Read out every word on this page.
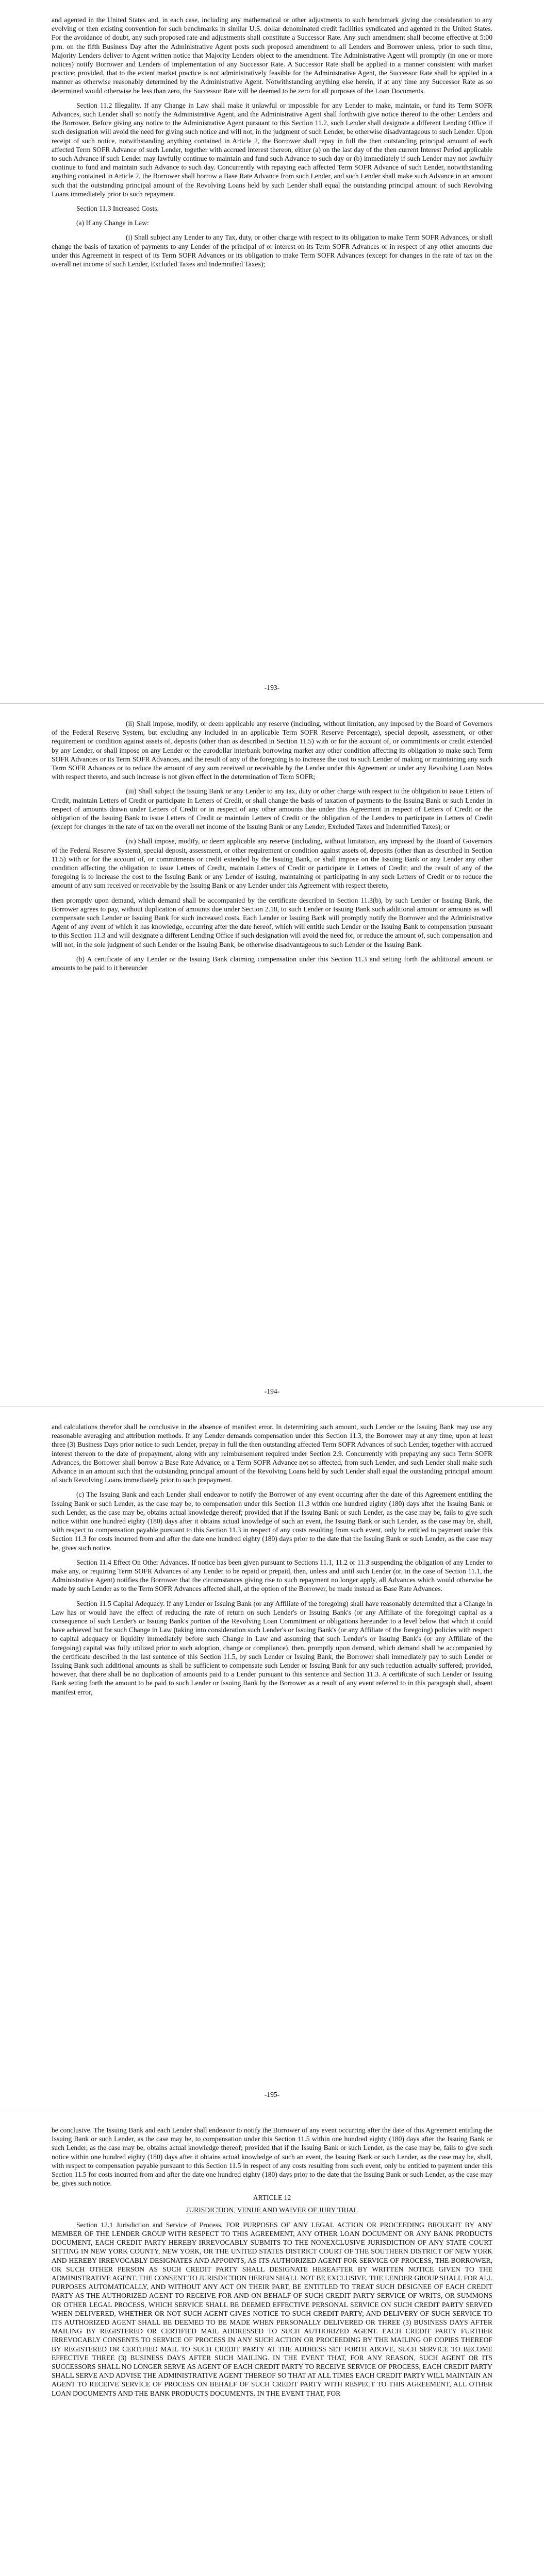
and agented in the United States and, in each case, including any mathematical or other adjustments to such benchmark giving due consideration to any evolving or then existing convention for such benchmarks in similar U.S. dollar denominated credit facilities syndicated and agented in the United States. For the avoidance of doubt, any such proposed rate and adjustments shall constitute a Successor Rate. Any such amendment shall become effective at 5:00 p.m. on the fifth Business Day after the Administrative Agent posts such proposed amendment to all Lenders and Borrower unless, prior to such time, Majority Lenders deliver to Agent written notice that Majority Lenders object to the amendment. The Administrative Agent will promptly (in one or more notices) notify Borrower and Lenders of implementation of any Successor Rate. A Successor Rate shall be applied in a manner consistent with market practice; provided, that to the extent market practice is not administratively feasible for the Administrative Agent, the Successor Rate shall be applied in a manner as otherwise reasonably determined by the Administrative Agent. Notwithstanding anything else herein, if at any time any Successor Rate as so determined would otherwise be less than zero, the Successor Rate will be deemed to be zero for all purposes of the Loan Documents.

Section 11.2 Illegality. If any Change in Law shall make it unlawful or impossible for any Lender to make, maintain, or fund its Term SOFR Advances, such Lender shall so notify the Administrative Agent, and the Administrative Agent shall forthwith give notice thereof to the other Lenders and the Borrower. Before giving any notice to the Administrative Agent pursuant to this Section 11.2, such Lender shall designate a different Lending Office if such designation will avoid the need for giving such notice and will not, in the judgment of such Lender, be otherwise disadvantageous to such Lender. Upon receipt of such notice, notwithstanding anything contained in Article 2, the Borrower shall repay in full the then outstanding principal amount of each affected Term SOFR Advance of such Lender, together with accrued interest thereon, either (a) on the last day of the then current Interest Period applicable to such Advance if such Lender may lawfully continue to maintain and fund such Advance to such day or (b) immediately if such Lender may not lawfully continue to fund and maintain such Advance to such day. Concurrently with repaying each affected Term SOFR Advance of such Lender, notwithstanding anything contained in Article 2, the Borrower shall borrow a Base Rate Advance from such Lender, and such Lender shall make such Advance in an amount such that the outstanding principal amount of the Revolving Loans held by such Lender shall equal the outstanding principal amount of such Revolving Loans immediately prior to such repayment.

Section 11.3 Increased Costs.

(a) If any Change in Law:

(i) Shall subject any Lender to any Tax, duty, or other charge with respect to its obligation to make Term SOFR Advances, or shall change the basis of taxation of payments to any Lender of the principal of or interest on its Term SOFR Advances or in respect of any other amounts due under this Agreement in respect of its Term SOFR Advances or its obligation to make Term SOFR Advances (except for changes in the rate of tax on the overall net income of such Lender, Excluded Taxes and Indemnified Taxes);

-193-

(ii) Shall impose, modify, or deem applicable any reserve (including, without limitation, any imposed by the Board of Governors of the Federal Reserve System, but excluding any included in an applicable Term SOFR Reserve Percentage), special deposit, assessment, or other requirement or condition against assets of, deposits (other than as described in Section 11.5) with or for the account of, or commitments or credit extended by any Lender, or shall impose on any Lender or the eurodollar interbank borrowing market any other condition affecting its obligation to make such Term SOFR Advances or its Term SOFR Advances, and the result of any of the foregoing is to increase the cost to such Lender of making or maintaining any such Term SOFR Advances or to reduce the amount of any sum received or receivable by the Lender under this Agreement or under any Revolving Loan Notes with respect thereto, and such increase is not given effect in the determination of Term SOFR;

(iii) Shall subject the Issuing Bank or any Lender to any tax, duty or other charge with respect to the obligation to issue Letters of Credit, maintain Letters of Credit or participate in Letters of Credit, or shall change the basis of taxation of payments to the Issuing Bank or such Lender in respect of amounts drawn under Letters of Credit or in respect of any other amounts due under this Agreement in respect of Letters of Credit or the obligation of the Issuing Bank to issue Letters of Credit or maintain Letters of Credit or the obligation of the Lenders to participate in Letters of Credit (except for changes in the rate of tax on the overall net income of the Issuing Bank or any Lender, Excluded Taxes and Indemnified Taxes); or

(iv) Shall impose, modify, or deem applicable any reserve (including, without limitation, any imposed by the Board of Governors of the Federal Reserve System), special deposit, assessment, or other requirement or condition against assets of, deposits (other than as described in Section 11.5) with or for the account of, or commitments or credit extended by the Issuing Bank, or shall impose on the Issuing Bank or any Lender any other condition affecting the obligation to issue Letters of Credit, maintain Letters of Credit or participate in Letters of Credit; and the result of any of the foregoing is to increase the cost to the Issuing Bank or any Lender of issuing, maintaining or participating in any such Letters of Credit or to reduce the amount of any sum received or receivable by the Issuing Bank or any Lender under this Agreement with respect thereto,

then promptly upon demand, which demand shall be accompanied by the certificate described in Section 11.3(b), by such Lender or Issuing Bank, the Borrower agrees to pay, without duplication of amounts due under Section 2.18, to such Lender or Issuing Bank such additional amount or amounts as will compensate such Lender or Issuing Bank for such increased costs. Each Lender or Issuing Bank will promptly notify the Borrower and the Administrative Agent of any event of which it has knowledge, occurring after the date hereof, which will entitle such Lender or the Issuing Bank to compensation pursuant to this Section 11.3 and will designate a different Lending Office if such designation will avoid the need for, or reduce the amount of, such compensation and will not, in the sole judgment of such Lender or the Issuing Bank, be otherwise disadvantageous to such Lender or the Issuing Bank.

(b) A certificate of any Lender or the Issuing Bank claiming compensation under this Section 11.3 and setting forth the additional amount or amounts to be paid to it hereunder

-194-

and calculations therefor shall be conclusive in the absence of manifest error. In determining such amount, such Lender or the Issuing Bank may use any reasonable averaging and attribution methods. If any Lender demands compensation under this Section 11.3, the Borrower may at any time, upon at least three (3) Business Days prior notice to such Lender, prepay in full the then outstanding affected Term SOFR Advances of such Lender, together with accrued interest thereon to the date of prepayment, along with any reimbursement required under Section 2.9. Concurrently with prepaying any such Term SOFR Advances, the Borrower shall borrow a Base Rate Advance, or a Term SOFR Advance not so affected, from such Lender, and such Lender shall make such Advance in an amount such that the outstanding principal amount of the Revolving Loans held by such Lender shall equal the outstanding principal amount of such Revolving Loans immediately prior to such prepayment.

(c) The Issuing Bank and each Lender shall endeavor to notify the Borrower of any event occurring after the date of this Agreement entitling the Issuing Bank or such Lender, as the case may be, to compensation under this Section 11.3 within one hundred eighty (180) days after the Issuing Bank or such Lender, as the case may be, obtains actual knowledge thereof; provided that if the Issuing Bank or such Lender, as the case may be, fails to give such notice within one hundred eighty (180) days after it obtains actual knowledge of such an event, the Issuing Bank or such Lender, as the case may be, shall, with respect to compensation payable pursuant to this Section 11.3 in respect of any costs resulting from such event, only be entitled to payment under this Section 11.3 for costs incurred from and after the date one hundred eighty (180) days prior to the date that the Issuing Bank or such Lender, as the case may be, gives such notice.

Section 11.4 Effect On Other Advances. If notice has been given pursuant to Sections 11.1, 11.2 or 11.3 suspending the obligation of any Lender to make any, or requiring Term SOFR Advances of any Lender to be repaid or prepaid, then, unless and until such Lender (or, in the case of Section 11.1, the Administrative Agent) notifies the Borrower that the circumstances giving rise to such repayment no longer apply, all Advances which would otherwise be made by such Lender as to the Term SOFR Advances affected shall, at the option of the Borrower, be made instead as Base Rate Advances.

Section 11.5 Capital Adequacy. If any Lender or Issuing Bank (or any Affiliate of the foregoing) shall have reasonably determined that a Change in Law has or would have the effect of reducing the rate of return on such Lender's or Issuing Bank's (or any Affiliate of the foregoing) capital as a consequence of such Lender's or Issuing Bank's portion of the Revolving Loan Commitment or obligations hereunder to a level below that which it could have achieved but for such Change in Law (taking into consideration such Lender's or Issuing Bank's (or any Affiliate of the foregoing) policies with respect to capital adequacy or liquidity immediately before such Change in Law and assuming that such Lender's or Issuing Bank's (or any Affiliate of the foregoing) capital was fully utilized prior to such adoption, change or compliance), then, promptly upon demand, which demand shall be accompanied by the certificate described in the last sentence of this Section 11.5, by such Lender or Issuing Bank, the Borrower shall immediately pay to such Lender or Issuing Bank such additional amounts as shall be sufficient to compensate such Lender or Issuing Bank for any such reduction actually suffered; provided, however, that there shall be no duplication of amounts paid to a Lender pursuant to this sentence and Section 11.3. A certificate of such Lender or Issuing Bank setting forth the amount to be paid to such Lender or Issuing Bank by the Borrower as a result of any event referred to in this paragraph shall, absent manifest error,

-195-

be conclusive. The Issuing Bank and each Lender shall endeavor to notify the Borrower of any event occurring after the date of this Agreement entitling the Issuing Bank or such Lender, as the case may be, to compensation under this Section 11.5 within one hundred eighty (180) days after the Issuing Bank or such Lender, as the case may be, obtains actual knowledge thereof; provided that if the Issuing Bank or such Lender, as the case may be, fails to give such notice within one hundred eighty (180) days after it obtains actual knowledge of such an event, the Issuing Bank or such Lender, as the case may be, shall, with respect to compensation payable pursuant to this Section 11.5 in respect of any costs resulting from such event, only be entitled to payment under this Section 11.5 for costs incurred from and after the date one hundred eighty (180) days prior to the date that the Issuing Bank or such Lender, as the case may be, gives such notice.

ARTICLE 12
JURISDICTION, VENUE AND WAIVER OF JURY TRIAL

Section 12.1 Jurisdiction and Service of Process. FOR PURPOSES OF ANY LEGAL ACTION OR PROCEEDING BROUGHT BY ANY MEMBER OF THE LENDER GROUP WITH RESPECT TO THIS AGREEMENT, ANY OTHER LOAN DOCUMENT OR ANY BANK PRODUCTS DOCUMENT, EACH CREDIT PARTY HEREBY IRREVOCABLY SUBMITS TO THE NONEXCLUSIVE JURISDICTION OF ANY STATE COURT SITTING IN NEW YORK COUNTY, NEW YORK, OR THE UNITED STATES DISTRICT COURT OF THE SOUTHERN DISTRICT OF NEW YORK AND HEREBY IRREVOCABLY DESIGNATES AND APPOINTS, AS ITS AUTHORIZED AGENT FOR SERVICE OF PROCESS, THE BORROWER, OR SUCH OTHER PERSON AS SUCH CREDIT PARTY SHALL DESIGNATE HEREAFTER BY WRITTEN NOTICE GIVEN TO THE ADMINISTRATIVE AGENT. THE CONSENT TO JURISDICTION HEREIN SHALL NOT BE EXCLUSIVE. THE LENDER GROUP SHALL FOR ALL PURPOSES AUTOMATICALLY, AND WITHOUT ANY ACT ON THEIR PART, BE ENTITLED TO TREAT SUCH DESIGNEE OF EACH CREDIT PARTY AS THE AUTHORIZED AGENT TO RECEIVE FOR AND ON BEHALF OF SUCH CREDIT PARTY SERVICE OF WRITS, OR SUMMONS OR OTHER LEGAL PROCESS, WHICH SERVICE SHALL BE DEEMED EFFECTIVE PERSONAL SERVICE ON SUCH CREDIT PARTY SERVED WHEN DELIVERED, WHETHER OR NOT SUCH AGENT GIVES NOTICE TO SUCH CREDIT PARTY; AND DELIVERY OF SUCH SERVICE TO ITS AUTHORIZED AGENT SHALL BE DEEMED TO BE MADE WHEN PERSONALLY DELIVERED OR THREE (3) BUSINESS DAYS AFTER MAILING BY REGISTERED OR CERTIFIED MAIL ADDRESSED TO SUCH AUTHORIZED AGENT. EACH CREDIT PARTY FURTHER IRREVOCABLY CONSENTS TO SERVICE OF PROCESS IN ANY SUCH ACTION OR PROCEEDING BY THE MAILING OF COPIES THEREOF BY REGISTERED OR CERTIFIED MAIL TO SUCH CREDIT PARTY AT THE ADDRESS SET FORTH ABOVE, SUCH SERVICE TO BECOME EFFECTIVE THREE (3) BUSINESS DAYS AFTER SUCH MAILING. IN THE EVENT THAT, FOR ANY REASON, SUCH AGENT OR ITS SUCCESSORS SHALL NO LONGER SERVE AS AGENT OF EACH CREDIT PARTY TO RECEIVE SERVICE OF PROCESS, EACH CREDIT PARTY SHALL SERVE AND ADVISE THE ADMINISTRATIVE AGENT THEREOF SO THAT AT ALL TIMES EACH CREDIT PARTY WILL MAINTAIN AN AGENT TO RECEIVE SERVICE OF PROCESS ON BEHALF OF SUCH CREDIT PARTY WITH RESPECT TO THIS AGREEMENT, ALL OTHER LOAN DOCUMENTS AND THE BANK PRODUCTS DOCUMENTS. IN THE EVENT THAT, FOR
